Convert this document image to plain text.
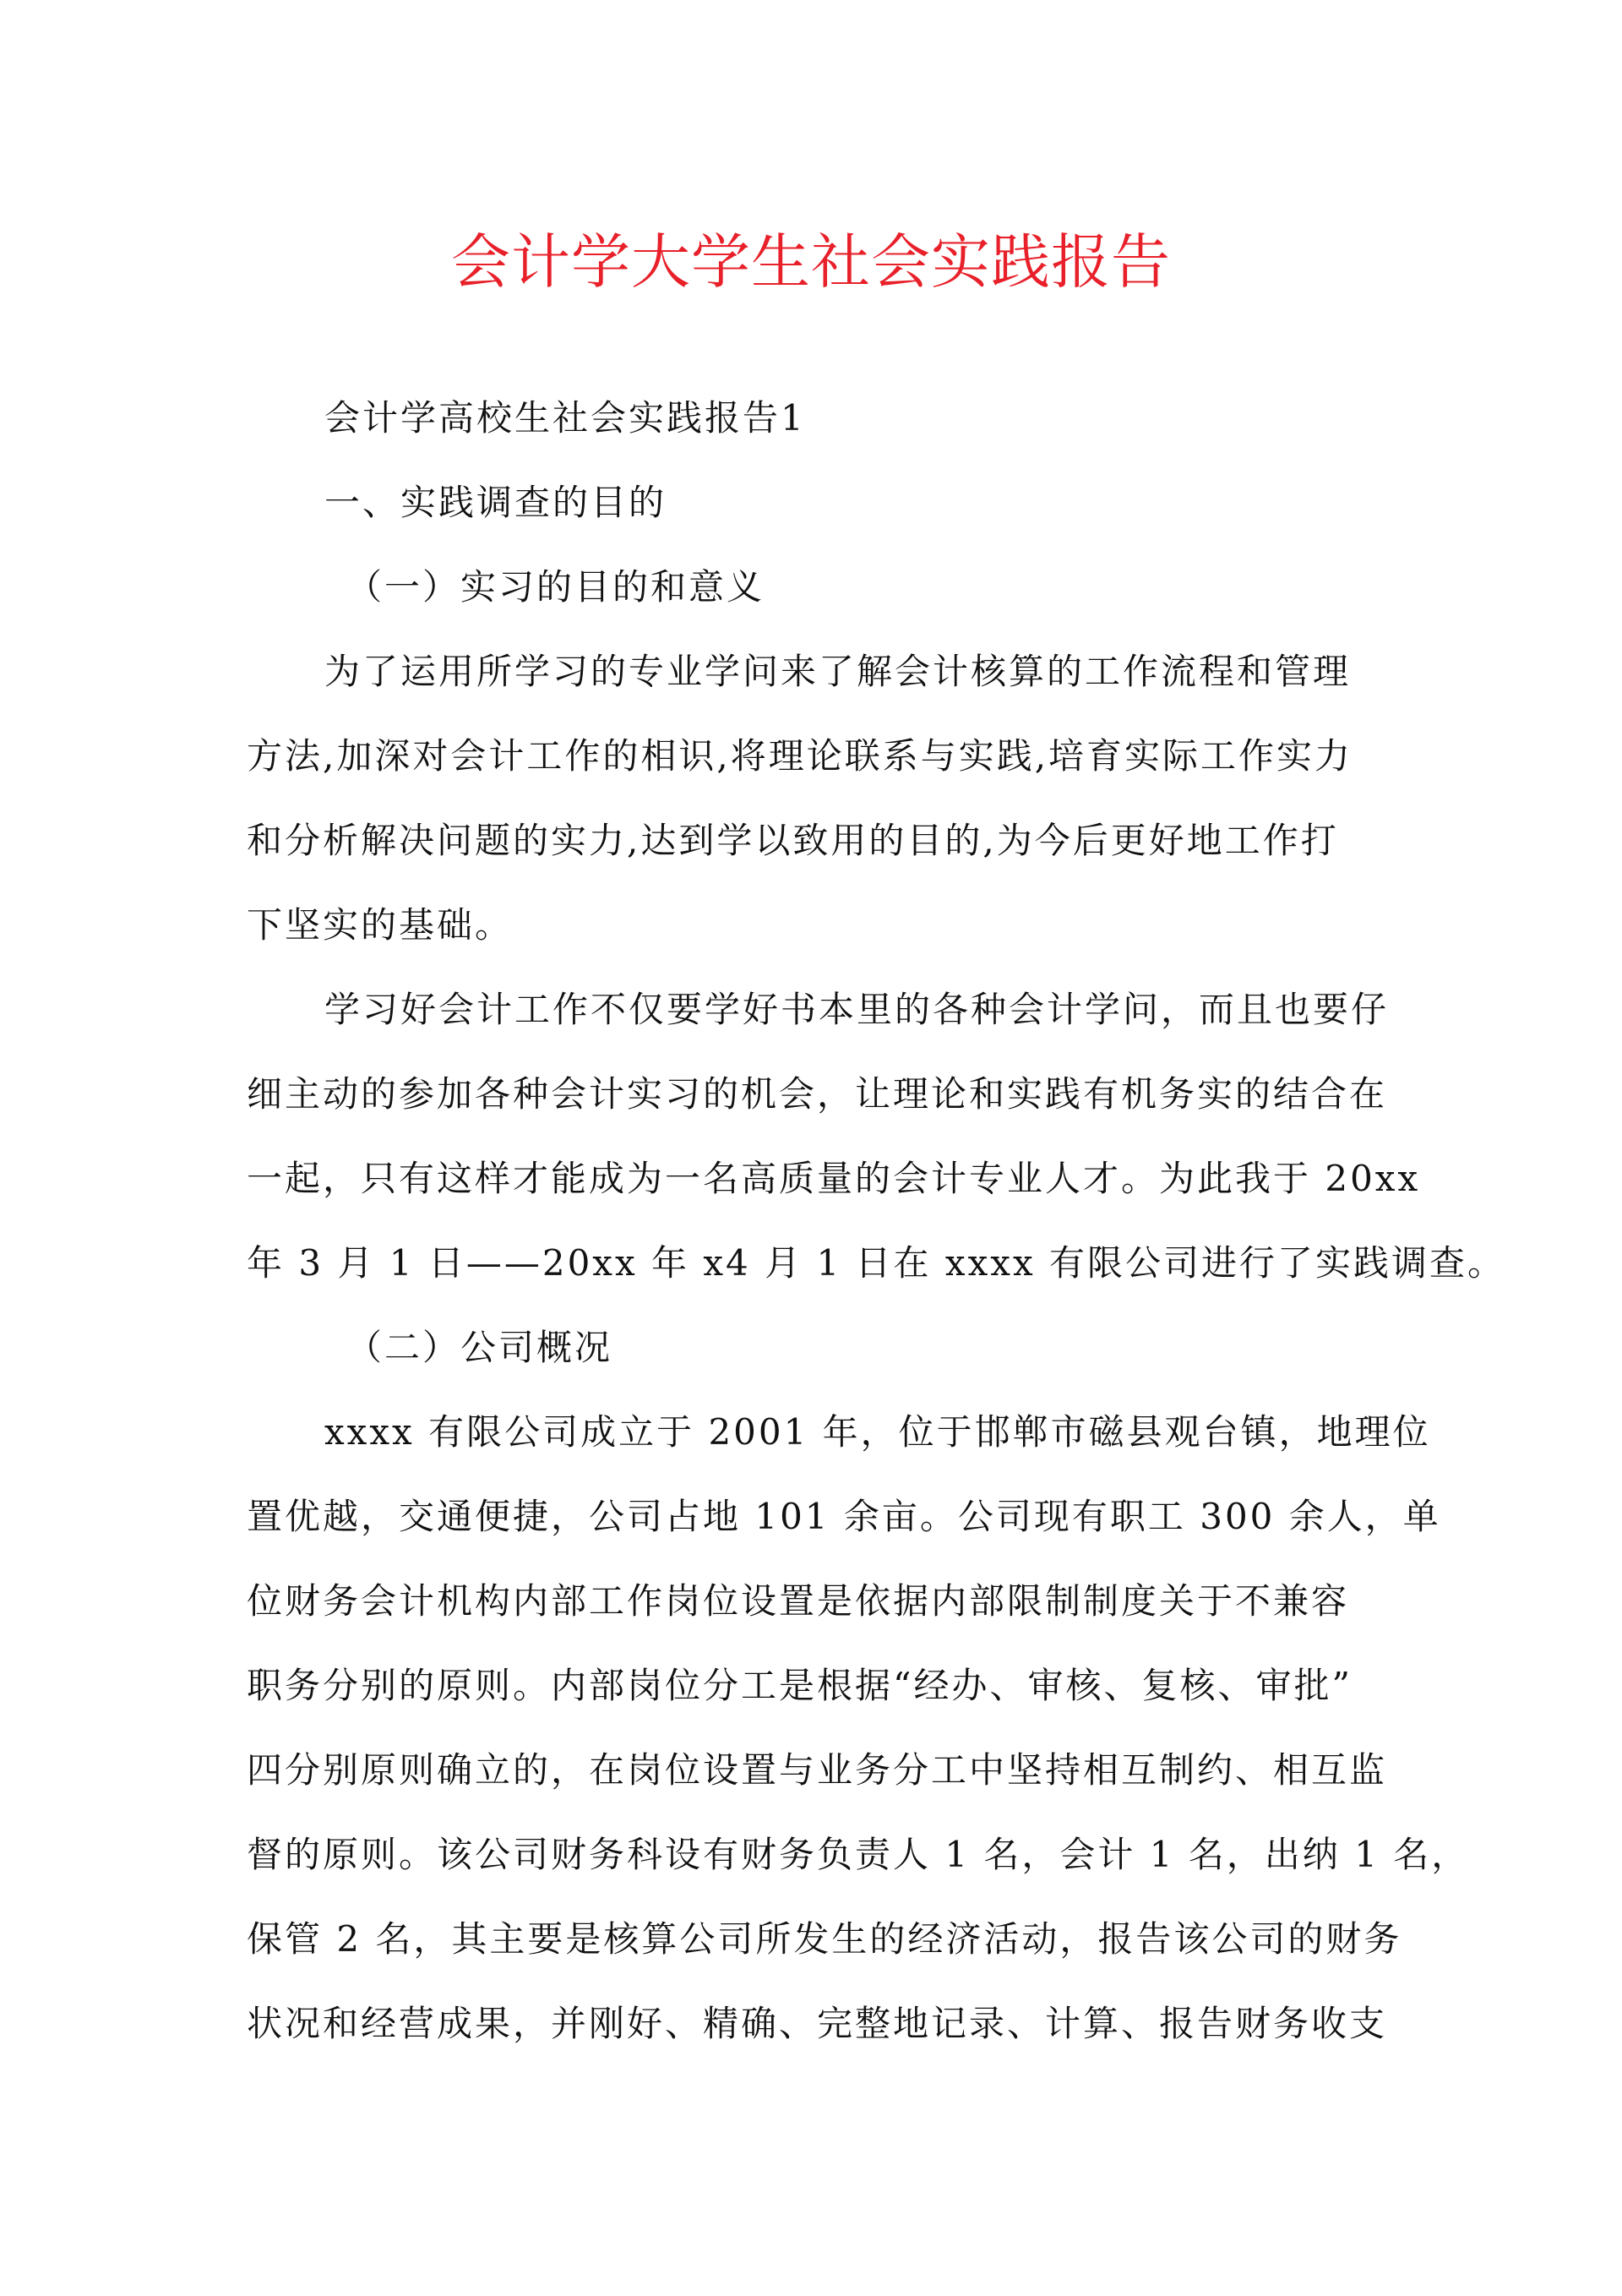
会计学大学生社会实践报告

会计学高校生社会实践报告1

一、实践调查的目的

（一）实习的目的和意义

为了运用所学习的专业学问来了解会计核算的工作流程和管理

方法,加深对会计工作的相识,将理论联系与实践,培育实际工作实力

和分析解决问题的实力,达到学以致用的目的,为今后更好地工作打

下坚实的基础。

学习好会计工作不仅要学好书本里的各种会计学问，而且也要仔

细主动的参加各种会计实习的机会，让理论和实践有机务实的结合在

一起，只有这样才能成为一名高质量的会计专业人才。为此我于 20xx

年 3 月 1 日——20xx 年 x4 月 1 日在 xxxx 有限公司进行了实践调查。

（二）公司概况

xxxx 有限公司成立于 2001 年，位于邯郸市磁县观台镇，地理位

置优越，交通便捷，公司占地 101 余亩。公司现有职工 300 余人，单

位财务会计机构内部工作岗位设置是依据内部限制制度关于不兼容

职务分别的原则。内部岗位分工是根据“经办、审核、复核、审批”

四分别原则确立的，在岗位设置与业务分工中坚持相互制约、相互监

督的原则。该公司财务科设有财务负责人 1 名，会计 1 名，出纳 1 名，

保管 2 名，其主要是核算公司所发生的经济活动，报告该公司的财务

状况和经营成果，并刚好、精确、完整地记录、计算、报告财务收支
